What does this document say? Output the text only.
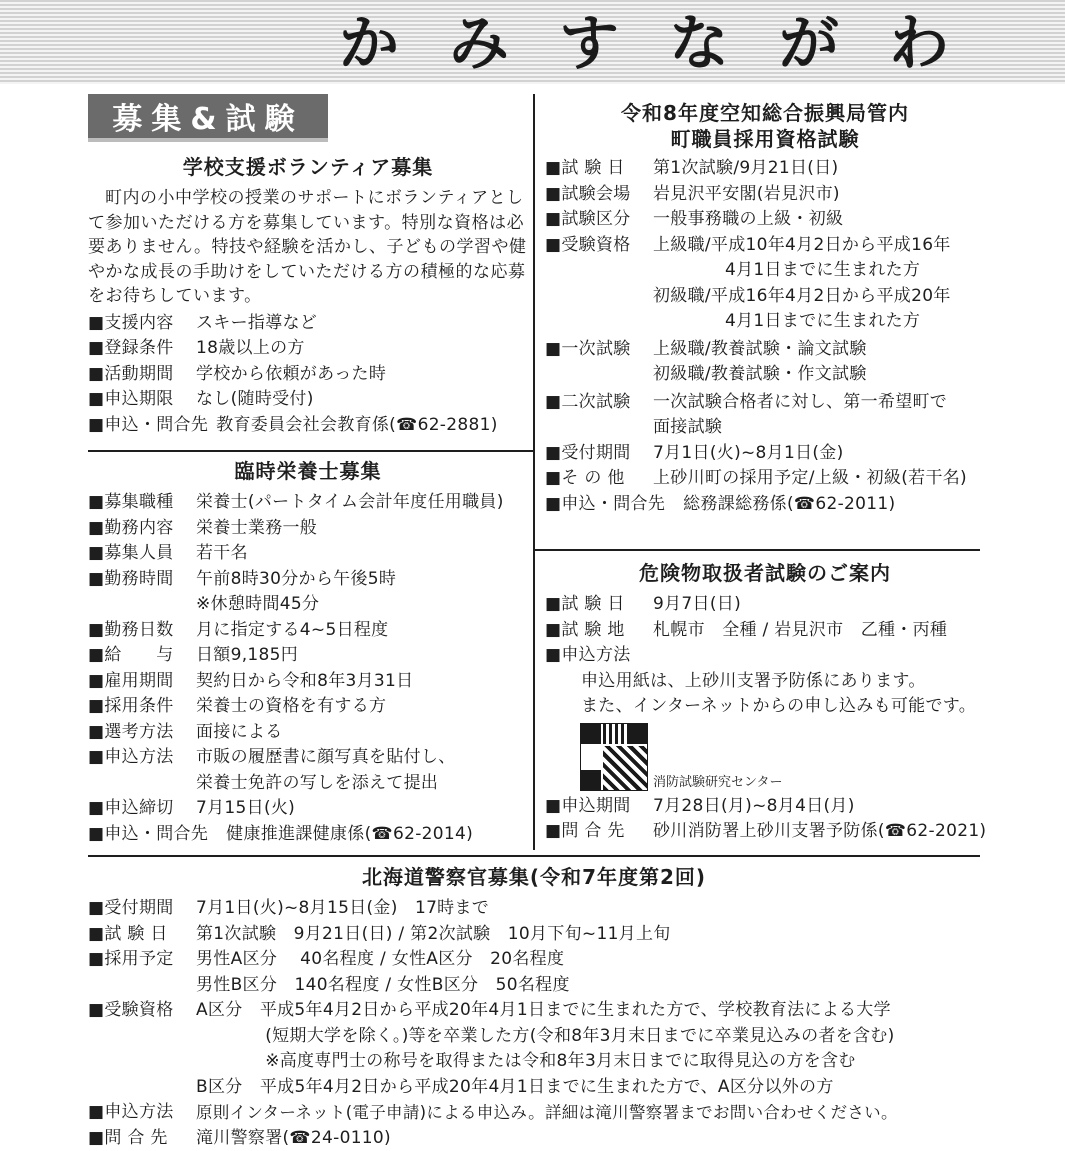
かみすながわ
募集&試験
学校支援ボランティア募集
町内の小中学校の授業のサポートにボランティアとして参加いただける方を募集しています。特別な資格は必要ありません。特技や経験を活かし、子どもの学習や健やかな成長の手助けをしていただける方の積極的な応募をお待ちしています。
■支援内容	スキー指導など
■登録条件	18歳以上の方
■活動期間	学校から依頼があった時
■申込期限	なし(随時受付)
■申込・問合先 教育委員会社会教育係(☎62-2881)
臨時栄養士募集
■募集職種	栄養士(パートタイム会計年度任用職員)
■勤務内容	栄養士業務一般
■募集人員	若干名
■勤務時間	午前8時30分から午後5時
※休憩時間45分
■勤務日数	月に指定する4~5日程度
■給　　与	日額9,185円
■雇用期間	契約日から令和8年3月31日
■採用条件	栄養士の資格を有する方
■選考方法	面接による
■申込方法	市販の履歴書に顔写真を貼付し、
栄養士免許の写しを添えて提出
■申込締切	7月15日(火)
■申込・問合先 健康推進課健康係(☎62-2014)
令和8年度空知総合振興局管内
町職員採用資格試験
■試 験 日	第1次試験/9月21日(日)
■試験会場	岩見沢平安閣(岩見沢市)
■試験区分	一般事務職の上級・初級
■受験資格	上級職/平成10年4月2日から平成16年
4月1日までに生まれた方
初級職/平成16年4月2日から平成20年
4月1日までに生まれた方
■一次試験	上級職/教養試験・論文試験
初級職/教養試験・作文試験
■二次試験	一次試験合格者に対し、第一希望町で
面接試験
■受付期間	7月1日(火)~8月1日(金)
■そ の 他	上砂川町の採用予定/上級・初級(若干名)
■申込・問合先 総務課総務係(☎62-2011)
危険物取扱者試験のご案内
■試 験 日	9月7日(日)
■試 験 地	札幌市　全種 / 岩見沢市　乙種・丙種
■申込方法
申込用紙は、上砂川支署予防係にあります。
また、インターネットからの申し込みも可能です。
消防試験研究センター
■申込期間	7月28日(月)~8月4日(月)
■問 合 先	砂川消防署上砂川支署予防係(☎62-2021)
北海道警察官募集(令和7年度第2回)
■受付期間	7月1日(火)~8月15日(金)　17時まで
■試 験 日	第1次試験　9月21日(日) / 第2次試験　10月下旬~11月上旬
■採用予定	男性A区分　 40名程度 / 女性A区分　20名程度
男性B区分　140名程度 / 女性B区分　50名程度
■受験資格	A区分　平成5年4月2日から平成20年4月1日までに生まれた方で、学校教育法による大学
　　　　(短期大学を除く。)等を卒業した方(令和8年3月末日までに卒業見込みの者を含む)
　　　　※高度専門士の称号を取得または令和8年3月末日までに取得見込の方を含む
B区分　平成5年4月2日から平成20年4月1日までに生まれた方で、A区分以外の方
■申込方法	原則インターネット(電子申請)による申込み。詳細は滝川警察署までお問い合わせください。
■問 合 先	滝川警察署(☎24-0110)
